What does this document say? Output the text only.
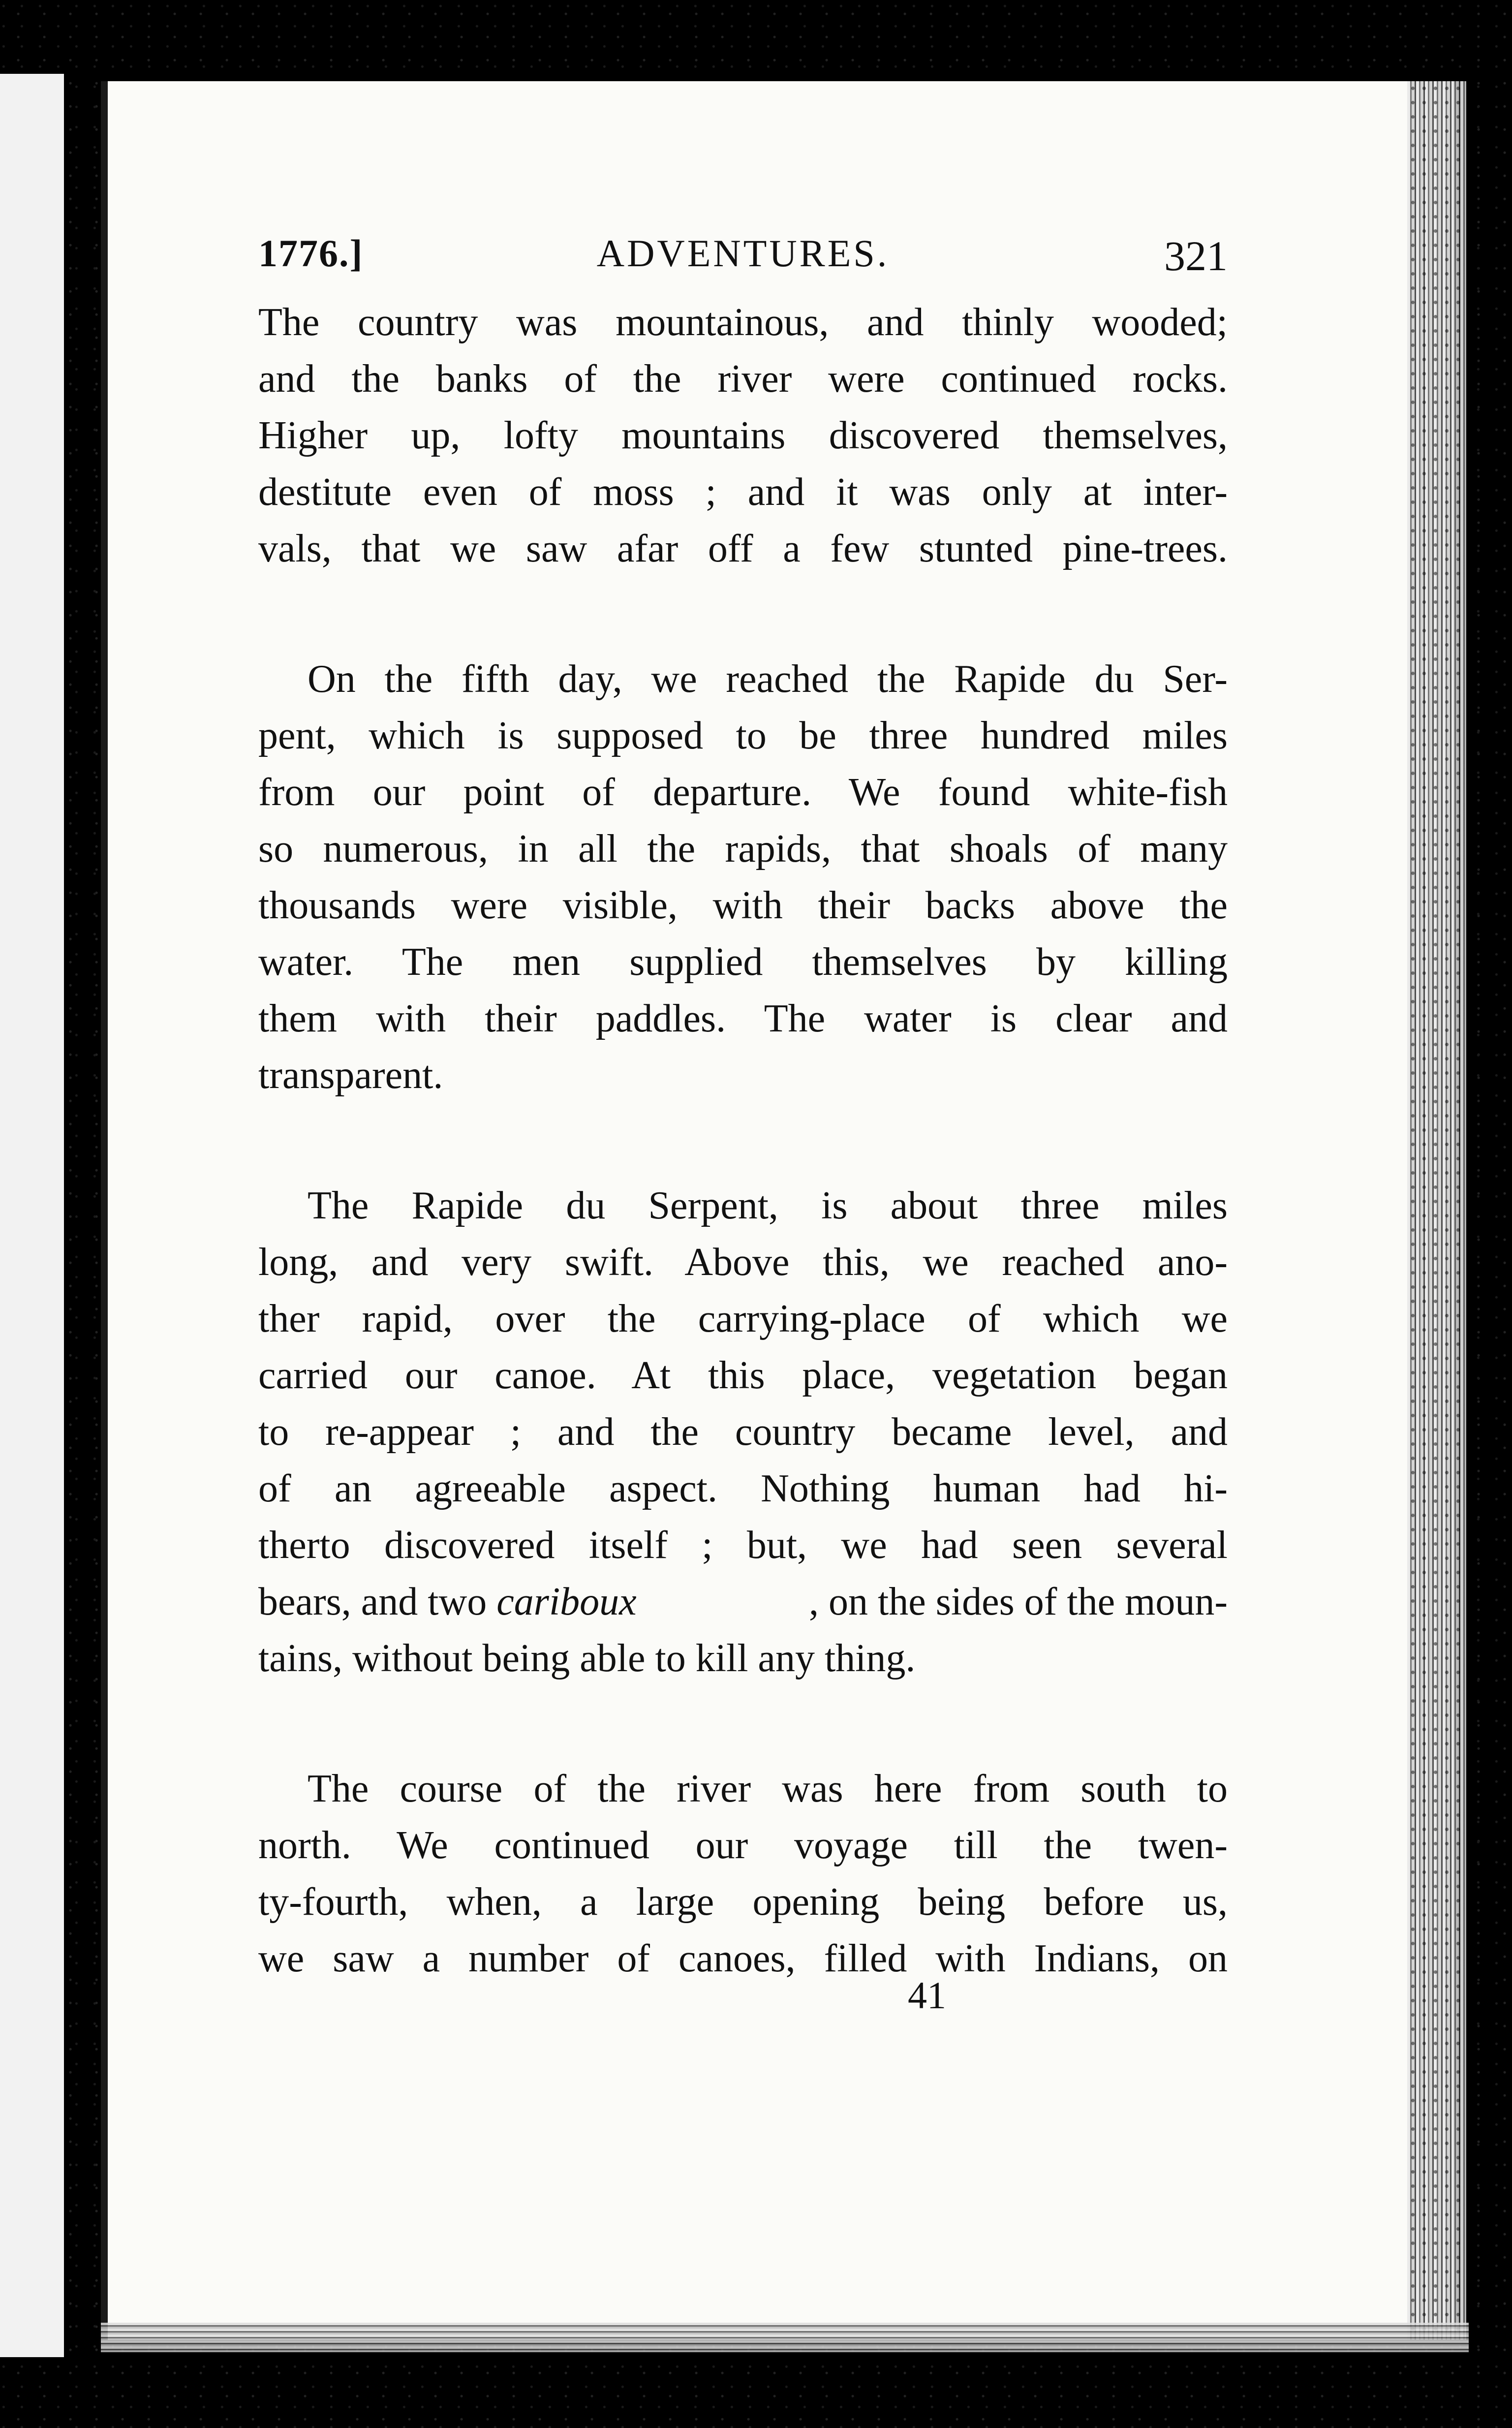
1776.]	ADVENTURES.	321
The country was mountainous, and thinly wooded;
and the banks of the river were continued rocks.
Higher up, lofty mountains discovered themselves,
destitute even of moss ; and it was only at inter-
vals, that we saw afar off a few stunted pine-trees.
On the fifth day, we reached the Rapide du Ser-
pent, which is supposed to be three hundred miles
from our point of departure. We found white-fish
so numerous, in all the rapids, that shoals of many
thousands were visible, with their backs above the
water. The men supplied themselves by killing
them with their paddles. The water is clear and
transparent.
The Rapide du Serpent, is about three miles
long, and very swift. Above this, we reached ano-
ther rapid, over the carrying-place of which we
carried our canoe. At this place, vegetation began
to re-appear ; and the country became level, and
of an agreeable aspect. Nothing human had hi-
therto discovered itself ; but, we had seen several
bears, and two cariboux	, on the sides of the moun-
tains, without being able to kill any thing.
The course of the river was here from south to
north. We continued our voyage till the twen-
ty-fourth, when, a large opening being before us,
we saw a number of canoes, filled with Indians, on
41
